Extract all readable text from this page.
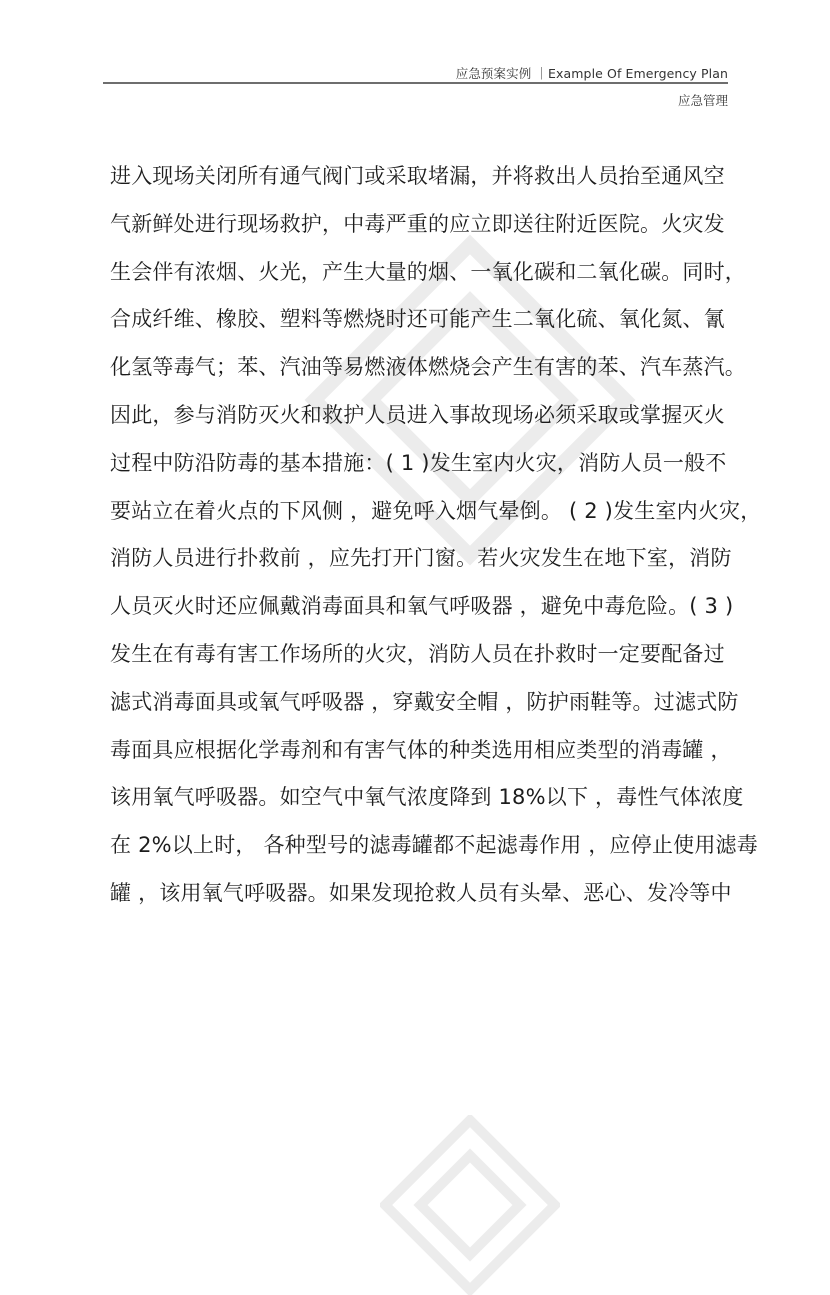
应急预案实例 ｜Example Of Emergency Plan
应急管理
进入现场关闭所有通气阀门或采取堵漏，并将救出人员抬至通风空
气新鲜处进行现场救护，中毒严重的应立即送往附近医院。火灾发
生会伴有浓烟、火光，产生大量的烟、一氧化碳和二氧化碳。同时，
合成纤维、橡胶、塑料等燃烧时还可能产生二氧化硫、氧化氮、氰
化氢等毒气；苯、汽油等易燃液体燃烧会产生有害的苯、汽车蒸汽。
因此，参与消防灭火和救护人员进入事故现场必须采取或掌握灭火
过程中防沿防毒的基本措施：( 1 )发生室内火灾，消防人员一般不
要站立在着火点的下风侧 ，避免呼入烟气晕倒。 ( 2 )发生室内火灾，
消防人员进行扑救前 ，应先打开门窗。若火灾发生在地下室，消防
人员灭火时还应佩戴消毒面具和氧气呼吸器 ，避免中毒危险。( 3 )
发生在有毒有害工作场所的火灾，消防人员在扑救时一定要配备过
滤式消毒面具或氧气呼吸器 ，穿戴安全帽 ，防护雨鞋等。过滤式防
毒面具应根据化学毒剂和有害气体的种类选用相应类型的消毒罐 ，
该用氧气呼吸器。如空气中氧气浓度降到 18%以下 ，毒性气体浓度
在 2%以上时， 各种型号的滤毒罐都不起滤毒作用 ，应停止使用滤毒
罐 ，该用氧气呼吸器。如果发现抢救人员有头晕、恶心、发冷等中
